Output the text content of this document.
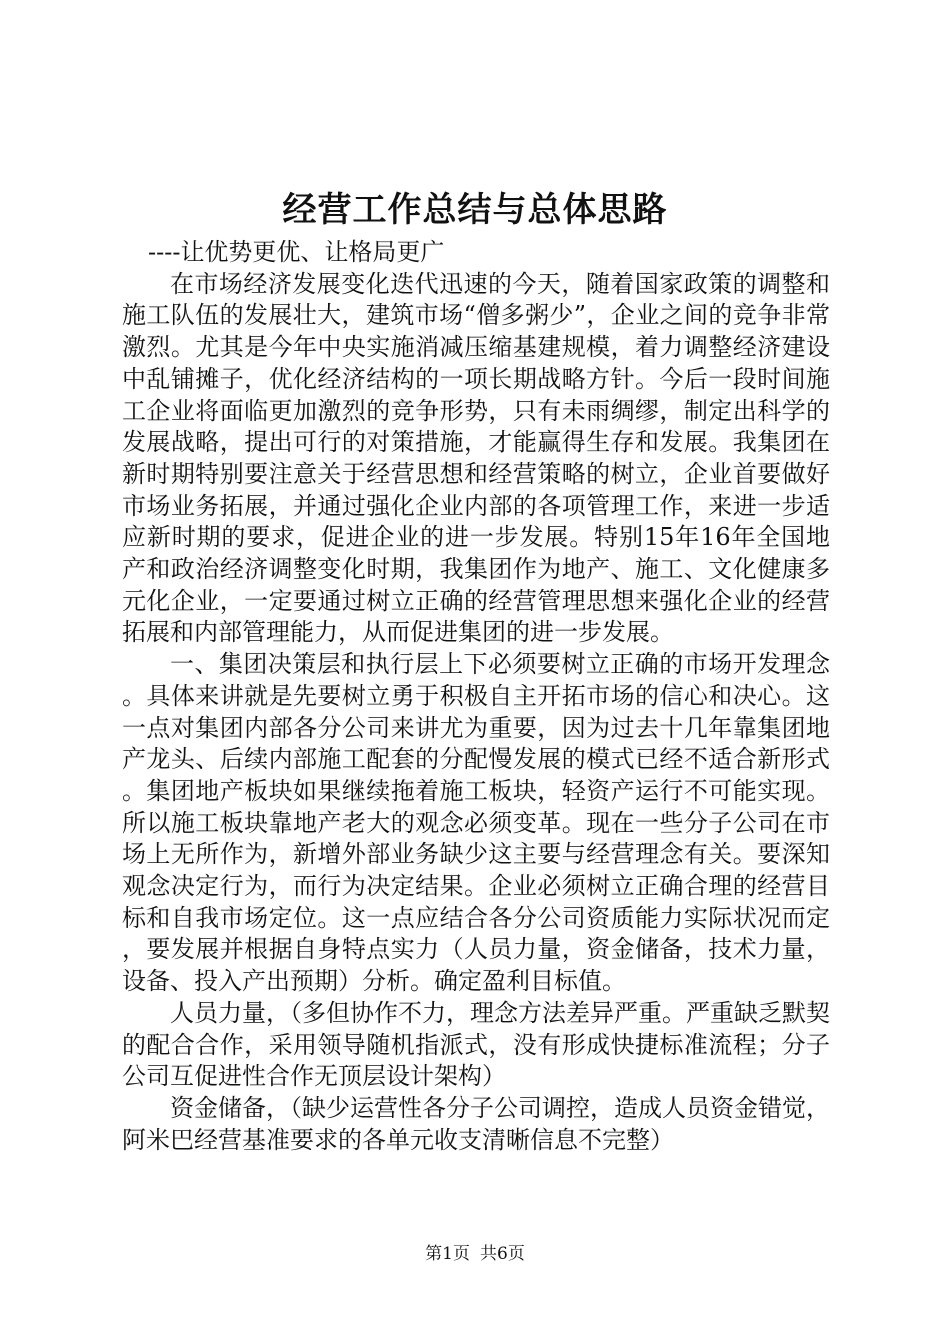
经营工作总结与总体思路

----让优势更优、让格局更广

在市场经济发展变化迭代迅速的今天，随着国家政策的调整和施工队伍的发展壮大，建筑市场“僧多粥少”，企业之间的竞争非常激烈。尤其是今年中央实施消减压缩基建规模，着力调整经济建设中乱铺摊子，优化经济结构的一项长期战略方针。今后一段时间施工企业将面临更加激烈的竞争形势，只有未雨绸缪，制定出科学的发展战略，提出可行的对策措施，才能赢得生存和发展。我集团在新时期特别要注意关于经营思想和经营策略的树立，企业首要做好市场业务拓展，并通过强化企业内部的各项管理工作，来进一步适应新时期的要求，促进企业的进一步发展。特别15年16年全国地产和政治经济调整变化时期，我集团作为地产、施工、文化健康多元化企业，一定要通过树立正确的经营管理思想来强化企业的经营拓展和内部管理能力，从而促进集团的进一步发展。

一、集团决策层和执行层上下必须要树立正确的市场开发理念。具体来讲就是先要树立勇于积极自主开拓市场的信心和决心。这一点对集团内部各分公司来讲尤为重要，因为过去十几年靠集团地产龙头、后续内部施工配套的分配慢发展的模式已经不适合新形式。集团地产板块如果继续拖着施工板块，轻资产运行不可能实现。所以施工板块靠地产老大的观念必须变革。现在一些分子公司在市场上无所作为，新增外部业务缺少这主要与经营理念有关。要深知观念决定行为，而行为决定结果。企业必须树立正确合理的经营目标和自我市场定位。这一点应结合各分公司资质能力实际状况而定，要发展并根据自身特点实力（人员力量，资金储备，技术力量，设备、投入产出预期）分析。确定盈利目标值。

人员力量，（多但协作不力，理念方法差异严重。严重缺乏默契的配合合作，采用领导随机指派式，没有形成快捷标准流程；分子公司互促进性合作无顶层设计架构）

资金储备，（缺少运营性各分子公司调控，造成人员资金错觉，阿米巴经营基准要求的各单元收支清晰信息不完整）

第1页 共6页
